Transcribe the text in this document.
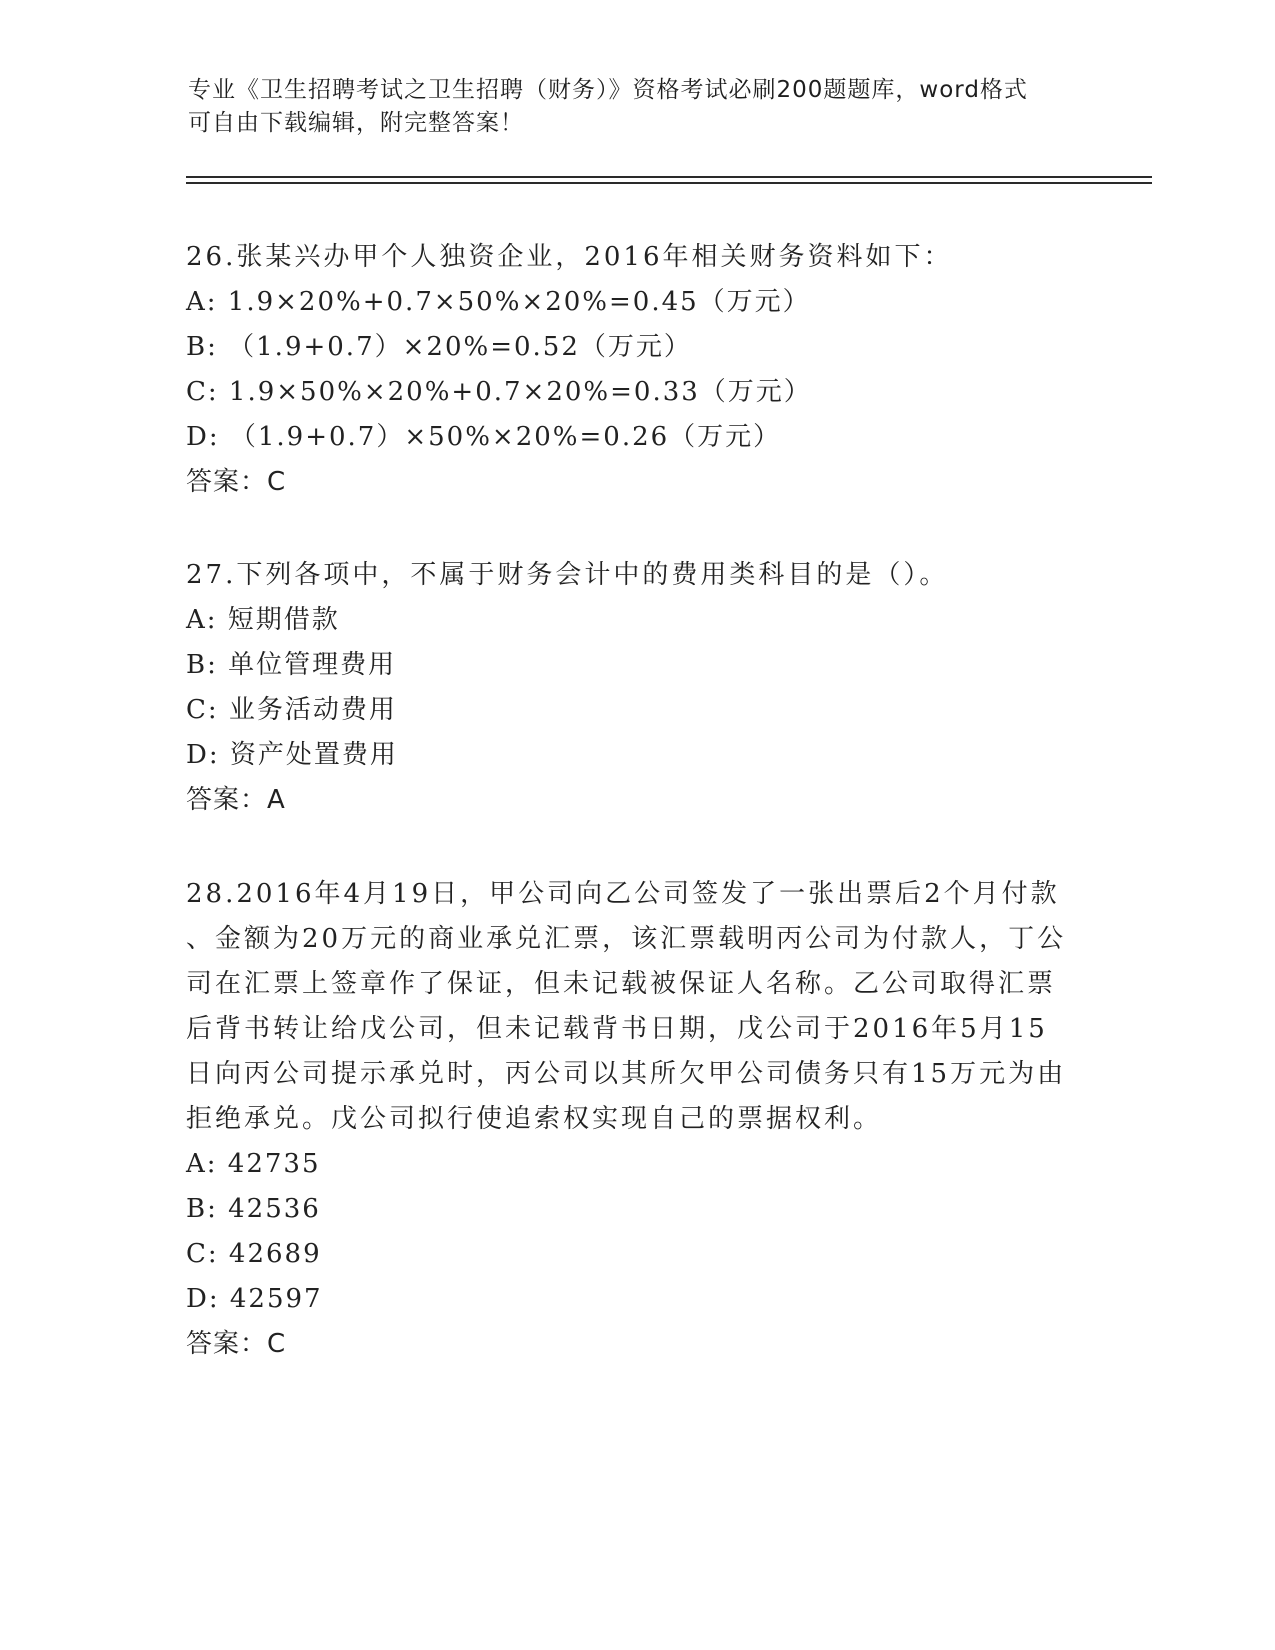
专业《卫生招聘考试之卫生招聘（财务）》资格考试必刷200题题库，word格式
可自由下载编辑，附完整答案！
26.张某兴办甲个人独资企业，2016年相关财务资料如下：
A: 1.9×20%+0.7×50%×20%=0.45（万元）
B: （1.9+0.7）×20%=0.52（万元）
C: 1.9×50%×20%+0.7×20%=0.33（万元）
D: （1.9+0.7）×50%×20%=0.26（万元）
答案：C
27.下列各项中，不属于财务会计中的费用类科目的是（）。
A: 短期借款
B: 单位管理费用
C: 业务活动费用
D: 资产处置费用
答案：A
28.2016年4月19日，甲公司向乙公司签发了一张出票后2个月付款
、金额为20万元的商业承兑汇票，该汇票载明丙公司为付款人，丁公
司在汇票上签章作了保证，但未记载被保证人名称。乙公司取得汇票
后背书转让给戊公司，但未记载背书日期，戊公司于2016年5月15
日向丙公司提示承兑时，丙公司以其所欠甲公司债务只有15万元为由
拒绝承兑。戊公司拟行使追索权实现自己的票据权利。
A: 42735
B: 42536
C: 42689
D: 42597
答案：C
